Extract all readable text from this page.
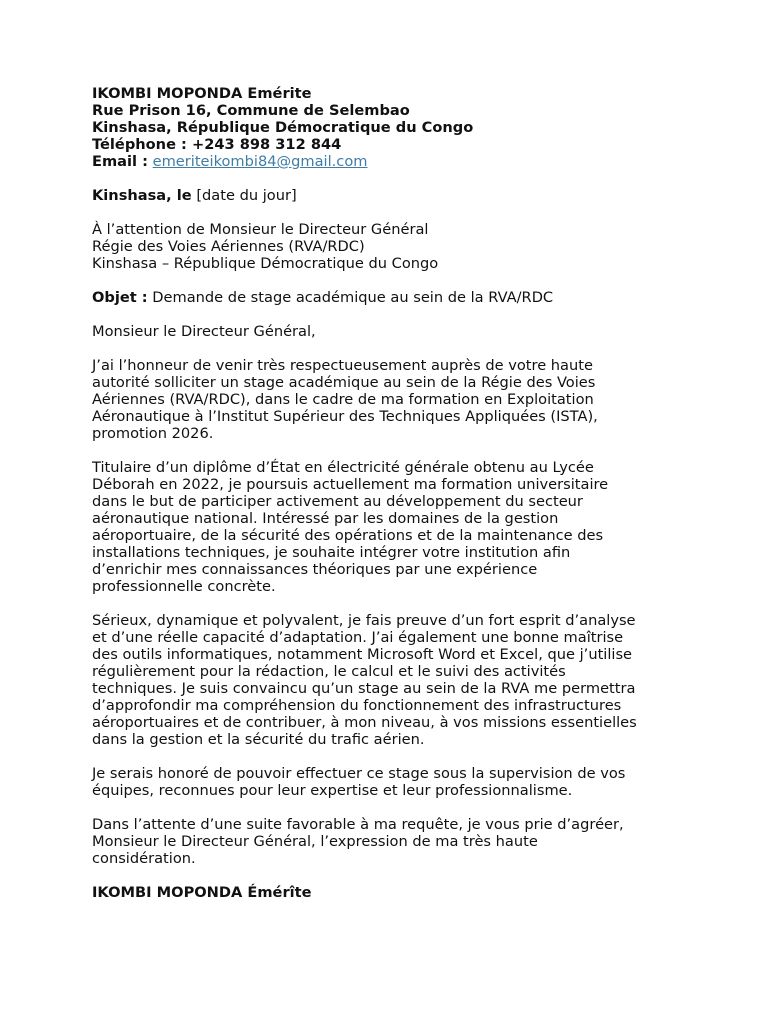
IKOMBI MOPONDA Emérite
Rue Prison 16, Commune de Selembao
Kinshasa, République Démocratique du Congo
Téléphone : +243 898 312 844
Email : emeriteikombi84@gmail.com
Kinshasa, le [date du jour]
À l’attention de Monsieur le Directeur Général
Régie des Voies Aériennes (RVA/RDC)
Kinshasa – République Démocratique du Congo
Objet : Demande de stage académique au sein de la RVA/RDC
Monsieur le Directeur Général,
J’ai l’honneur de venir très respectueusement auprès de votre haute
autorité solliciter un stage académique au sein de la Régie des Voies
Aériennes (RVA/RDC), dans le cadre de ma formation en Exploitation
Aéronautique à l’Institut Supérieur des Techniques Appliquées (ISTA),
promotion 2026.
Titulaire d’un diplôme d’État en électricité générale obtenu au Lycée
Déborah en 2022, je poursuis actuellement ma formation universitaire
dans le but de participer activement au développement du secteur
aéronautique national. Intéressé par les domaines de la gestion
aéroportuaire, de la sécurité des opérations et de la maintenance des
installations techniques, je souhaite intégrer votre institution afin
d’enrichir mes connaissances théoriques par une expérience
professionnelle concrète.
Sérieux, dynamique et polyvalent, je fais preuve d’un fort esprit d’analyse
et d’une réelle capacité d’adaptation. J’ai également une bonne maîtrise
des outils informatiques, notamment Microsoft Word et Excel, que j’utilise
régulièrement pour la rédaction, le calcul et le suivi des activités
techniques. Je suis convaincu qu’un stage au sein de la RVA me permettra
d’approfondir ma compréhension du fonctionnement des infrastructures
aéroportuaires et de contribuer, à mon niveau, à vos missions essentielles
dans la gestion et la sécurité du trafic aérien.
Je serais honoré de pouvoir effectuer ce stage sous la supervision de vos
équipes, reconnues pour leur expertise et leur professionnalisme.
Dans l’attente d’une suite favorable à ma requête, je vous prie d’agréer,
Monsieur le Directeur Général, l’expression de ma très haute
considération.
IKOMBI MOPONDA Émérîte
